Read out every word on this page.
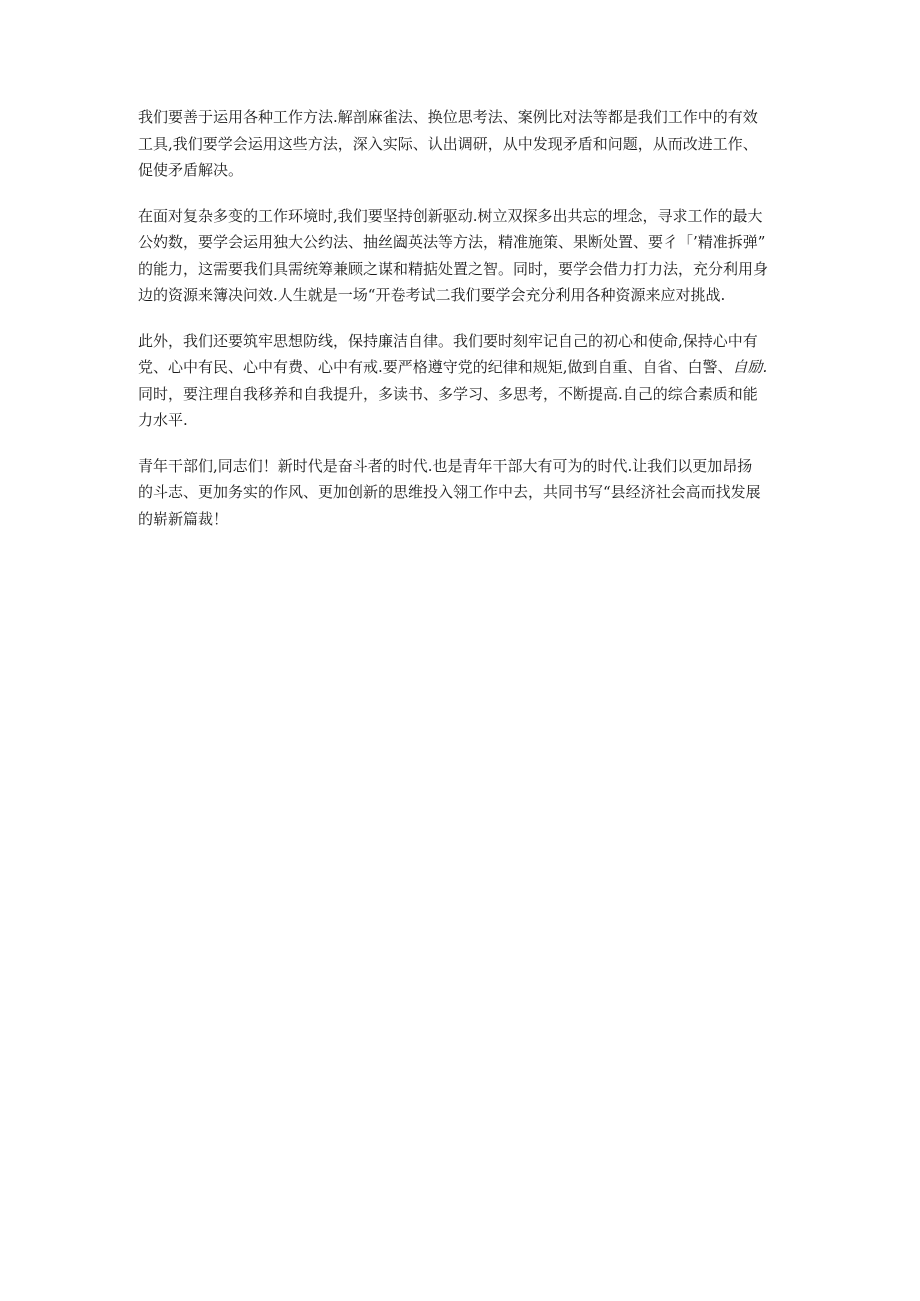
我们要善于运用各种工作方法.解剖麻雀法、换位思考法、案例比对法等都是我们工作中的有效
工具,我们要学会运用这些方法，深入实际、认出调研，从中发现矛盾和问题，从而改进工作、
促使矛盾解决。

在面对复杂多变的工作环境时,我们要坚持创新驱动.树立双探多出共忘的埋念，寻求工作的最大
公妁数，要学会运用独大公约法、抽丝阖英法等方法，精准施策、果断处置、要彳「’精准拆弹”
的能力，这需要我们具需统筹兼顾之谋和精掂处置之智。同时，要学会借力打力法，充分利用身
边的资源来簿决问效.人生就是一场“开卷考试二我们要学会充分利用各种资源来应对挑战.

此外，我们还要筑牢思想防线，保持廉洁自律。我们要时刻牢记自己的初心和使命,保持心中有
党、心中有民、心中有费、心中有戒.要严格遵守党的纪律和规矩,做到自重、自省、白警、自励.
同时，要注理自我移养和自我提升，多读书、多学习、多思考，不断提高.自己的综合素质和能
力水平.

青年干部们,同志们！新时代是奋斗者的时代.也是青年干部大有可为的时代.让我们以更加昂扬
的斗志、更加务实的作风、更加创新的思维投入翎工作中去，共同书写“县经济社会高而找发展
的崭新篇裁！
